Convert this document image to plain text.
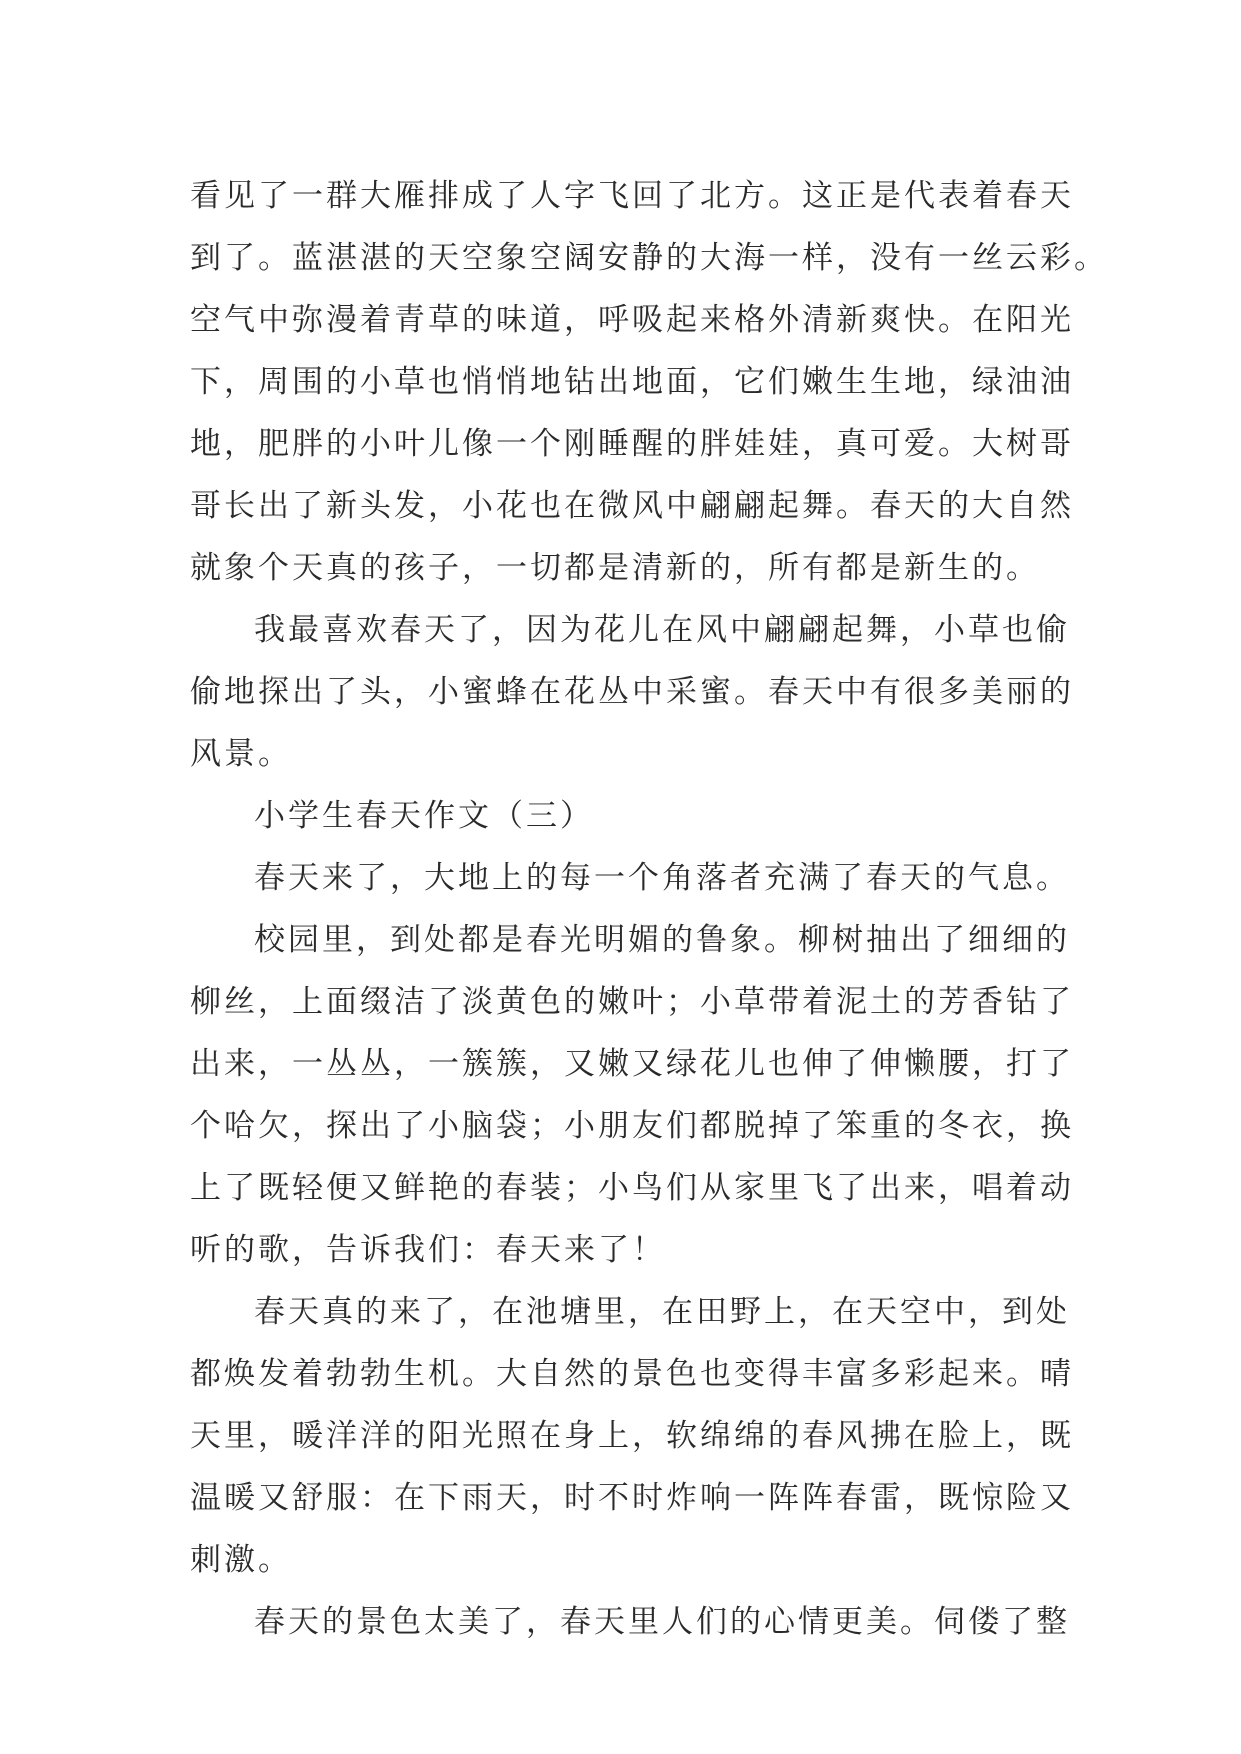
看见了一群大雁排成了人字飞回了北方。这正是代表着春天
到了。蓝湛湛的天空象空阔安静的大海一样，没有一丝云彩。
空气中弥漫着青草的味道，呼吸起来格外清新爽快。在阳光
下，周围的小草也悄悄地钻出地面，它们嫩生生地，绿油油
地，肥胖的小叶儿像一个刚睡醒的胖娃娃，真可爱。大树哥
哥长出了新头发，小花也在微风中翩翩起舞。春天的大自然
就象个天真的孩子，一切都是清新的，所有都是新生的。
我最喜欢春天了，因为花儿在风中翩翩起舞，小草也偷
偷地探出了头，小蜜蜂在花丛中采蜜。春天中有很多美丽的
风景。
小学生春天作文（三）
春天来了，大地上的每一个角落者充满了春天的气息。
校园里，到处都是春光明媚的鲁象。柳树抽出了细细的
柳丝，上面缀洁了淡黄色的嫩叶；小草带着泥土的芳香钻了
出来，一丛丛，一簇簇，又嫩又绿花儿也伸了伸懒腰，打了
个哈欠，探出了小脑袋；小朋友们都脱掉了笨重的冬衣，换
上了既轻便又鲜艳的春装；小鸟们从家里飞了出来，唱着动
听的歌，告诉我们：春天来了！
春天真的来了，在池塘里，在田野上，在天空中，到处
都焕发着勃勃生机。大自然的景色也变得丰富多彩起来。晴
天里，暖洋洋的阳光照在身上，软绵绵的春风拂在脸上，既
温暖又舒服：在下雨天，时不时炸响一阵阵春雷，既惊险又
刺激。
春天的景色太美了，春天里人们的心情更美。伺偻了整
